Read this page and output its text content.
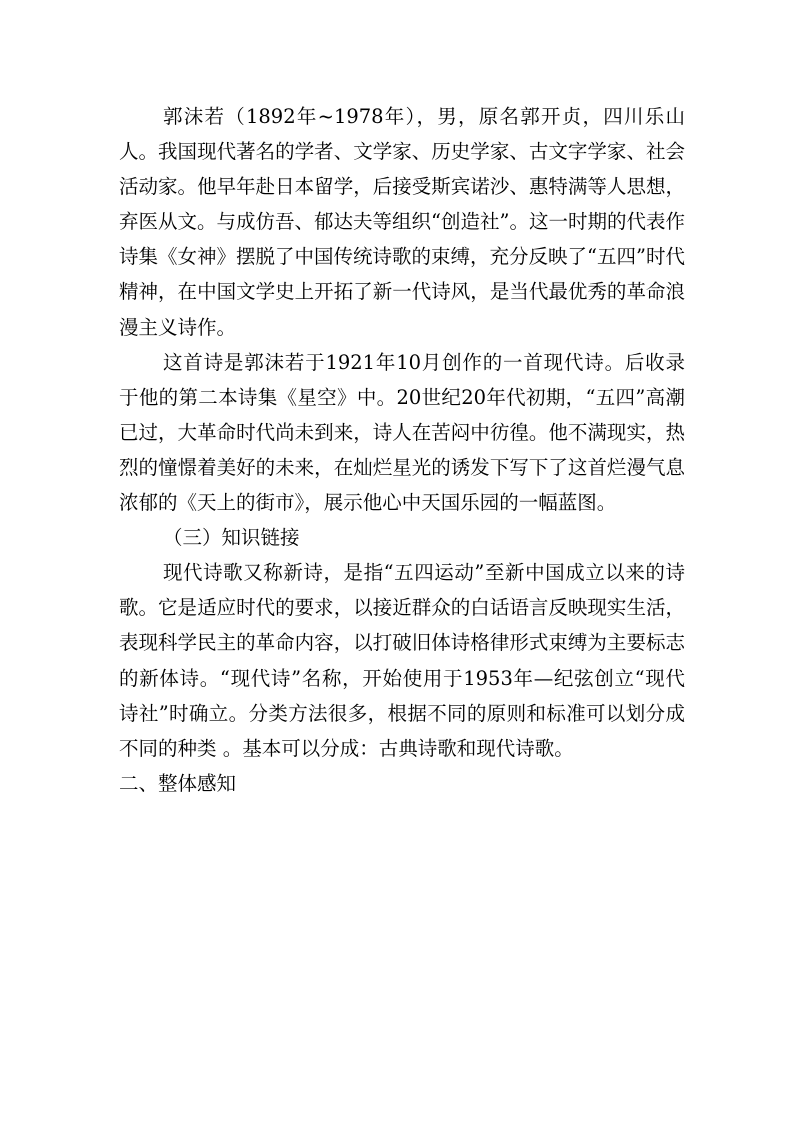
郭沫若（1892年~1978年），男，原名郭开贞，四川乐山人。我国现代著名的学者、文学家、历史学家、古文字学家、社会活动家。他早年赴日本留学，后接受斯宾诺沙、惠特满等人思想，弃医从文。与成仿吾、郁达夫等组织“创造社”。这一时期的代表作诗集《女神》摆脱了中国传统诗歌的束缚，充分反映了“五四”时代精神，在中国文学史上开拓了新一代诗风，是当代最优秀的革命浪漫主义诗作。

这首诗是郭沫若于1921年10月创作的一首现代诗。后收录于他的第二本诗集《星空》中。20世纪20年代初期，“五四”高潮已过，大革命时代尚未到来，诗人在苦闷中彷徨。他不满现实，热烈的憧憬着美好的未来，在灿烂星光的诱发下写下了这首烂漫气息浓郁的《天上的街市》，展示他心中天国乐园的一幅蓝图。

（三）知识链接

现代诗歌又称新诗，是指“五四运动”至新中国成立以来的诗歌。它是适应时代的要求，以接近群众的白话语言反映现实生活，表现科学民主的革命内容，以打破旧体诗格律形式束缚为主要标志的新体诗。“现代诗”名称，开始使用于1953年—纪弦创立“现代诗社”时确立。分类方法很多，根据不同的原则和标准可以划分成不同的种类 。基本可以分成：古典诗歌和现代诗歌。

二、整体感知
